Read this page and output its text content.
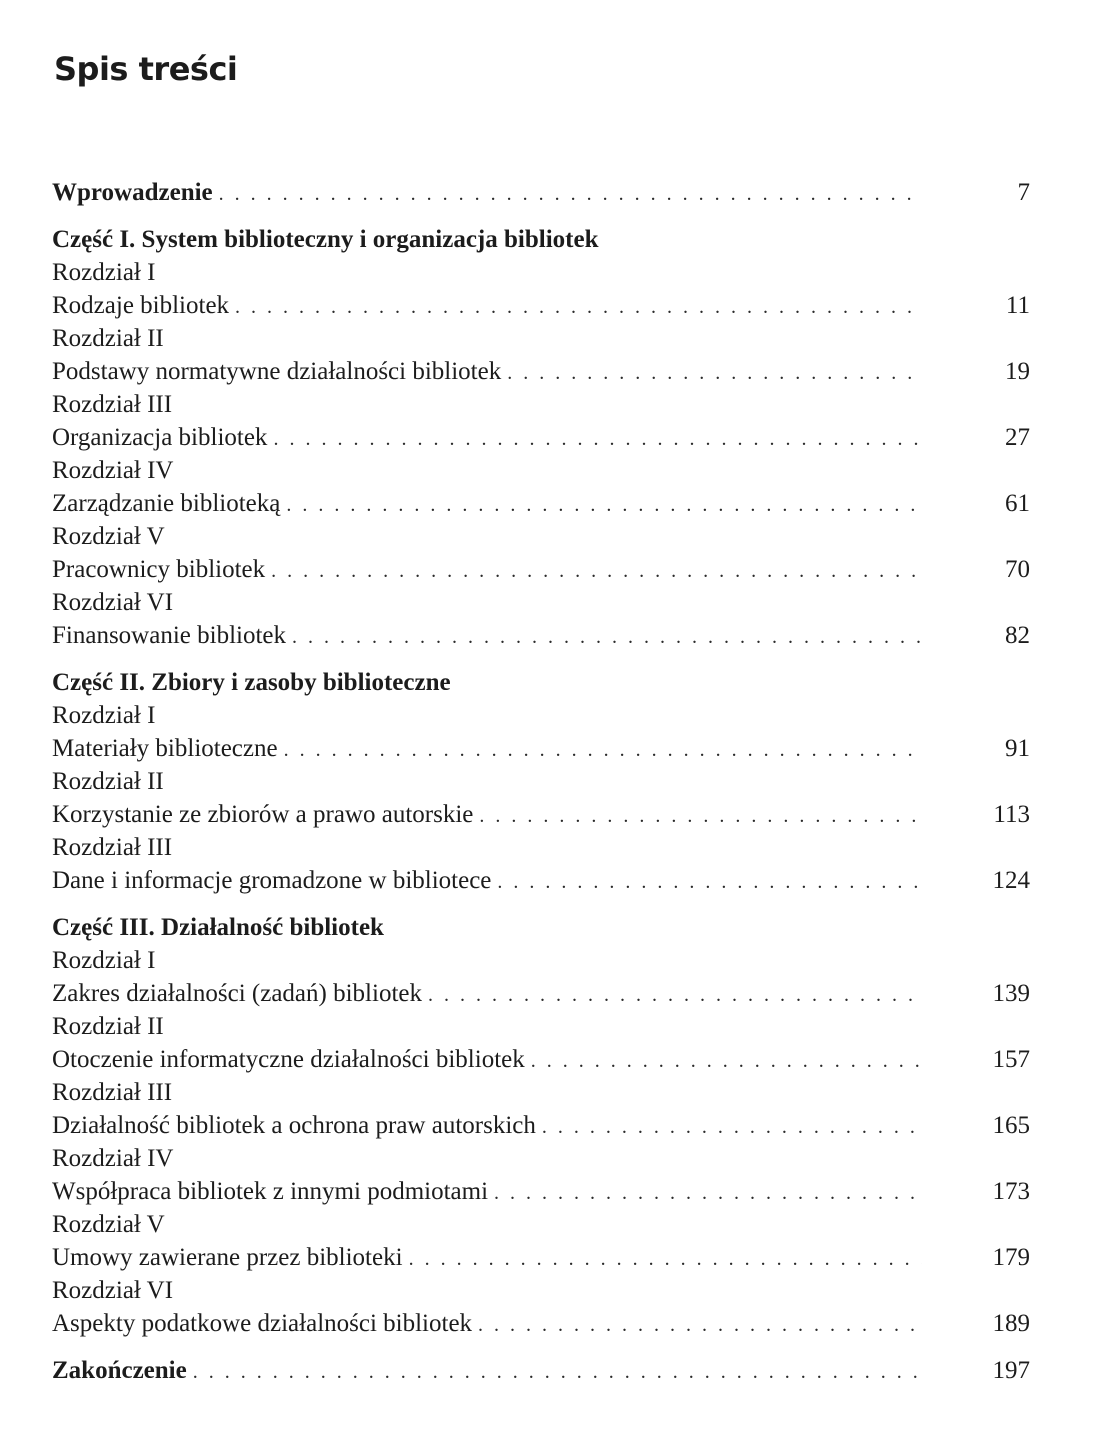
Spis treści
Wprowadzenie . . .	7
Część I. System biblioteczny i organizacja bibliotek
Rozdział I
Rodzaje bibliotek . . .	11
Rozdział II
Podstawy normatywne działalności bibliotek . . .	19
Rozdział III
Organizacja bibliotek . . .	27
Rozdział IV
Zarządzanie biblioteką . . .	61
Rozdział V
Pracownicy bibliotek . . .	70
Rozdział VI
Finansowanie bibliotek . . .	82
Część II. Zbiory i zasoby biblioteczne
Rozdział I
Materiały biblioteczne . . .	91
Rozdział II
Korzystanie ze zbiorów a prawo autorskie . . .	113
Rozdział III
Dane i informacje gromadzone w bibliotece . . .	124
Część III. Działalność bibliotek
Rozdział I
Zakres działalności (zadań) bibliotek . . .	139
Rozdział II
Otoczenie informatyczne działalności bibliotek . . .	157
Rozdział III
Działalność bibliotek a ochrona praw autorskich . . .	165
Rozdział IV
Współpraca bibliotek z innymi podmiotami . . .	173
Rozdział V
Umowy zawierane przez biblioteki . . .	179
Rozdział VI
Aspekty podatkowe działalności bibliotek . . .	189
Zakończenie . . .	197
